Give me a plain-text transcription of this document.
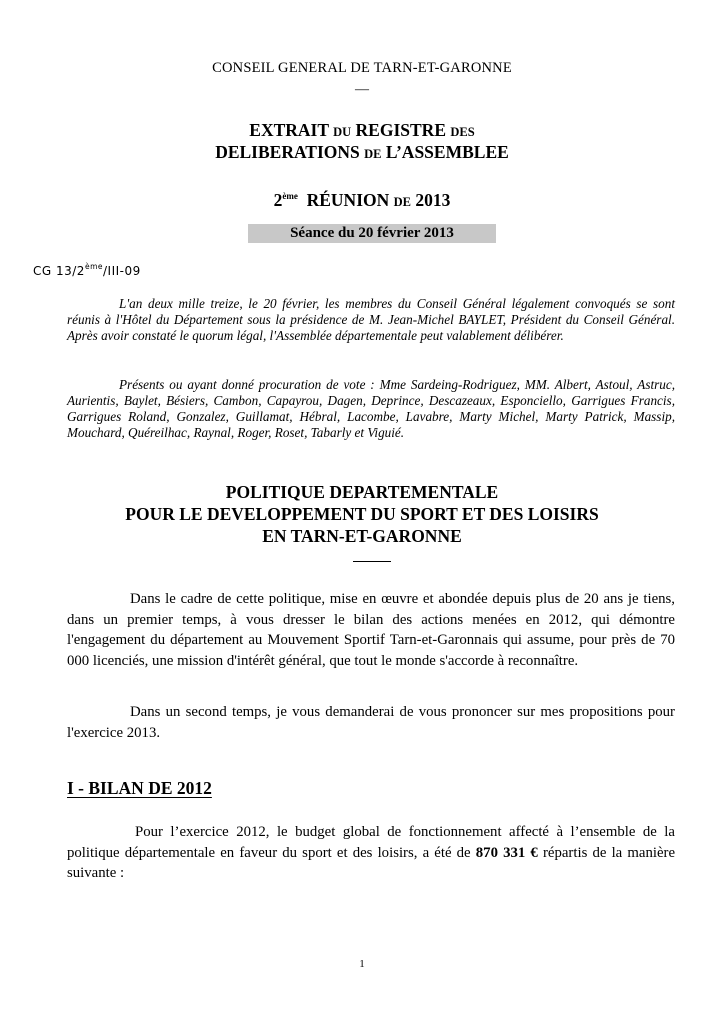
CONSEIL GENERAL DE TARN-ET-GARONNE
—
EXTRAIT DU REGISTRE DES
DELIBERATIONS DE L’ASSEMBLEE
2ème RÉUNION DE 2013
Séance du 20 février 2013
CG 13/2ème/III-09
L'an deux mille treize, le 20 février, les membres du Conseil Général légalement convoqués se sont réunis à l'Hôtel du Département sous la présidence de M. Jean-Michel BAYLET, Président du Conseil Général. Après avoir constaté le quorum légal, l'Assemblée départementale peut valablement délibérer.
Présents ou ayant donné procuration de vote : Mme Sardeing-Rodriguez, MM. Albert, Astoul, Astruc, Aurientis, Baylet, Bésiers, Cambon, Capayrou, Dagen, Deprince, Descazeaux, Esponciello, Garrigues Francis, Garrigues Roland, Gonzalez, Guillamat, Hébral, Lacombe, Lavabre, Marty Michel, Marty Patrick, Massip, Mouchard, Quéreilhac, Raynal, Roger, Roset, Tabarly et Viguié.
POLITIQUE DEPARTEMENTALE
POUR LE DEVELOPPEMENT DU SPORT ET DES LOISIRS
EN TARN-ET-GARONNE
Dans le cadre de cette politique, mise en œuvre et abondée depuis plus de 20 ans je tiens, dans un premier temps, à vous dresser le bilan des actions menées en 2012, qui démontre l'engagement du département au Mouvement Sportif Tarn-et-Garonnais qui assume, pour près de 70 000 licenciés, une mission d'intérêt général, que tout le monde s'accorde à reconnaître.
Dans un second temps, je vous demanderai de vous prononcer sur mes propositions pour l'exercice 2013.
I - BILAN DE 2012
Pour l’exercice 2012, le budget global de fonctionnement affecté à l’ensemble de la politique départementale en faveur du sport et des loisirs, a été de 870 331 € répartis de la manière suivante :
1
